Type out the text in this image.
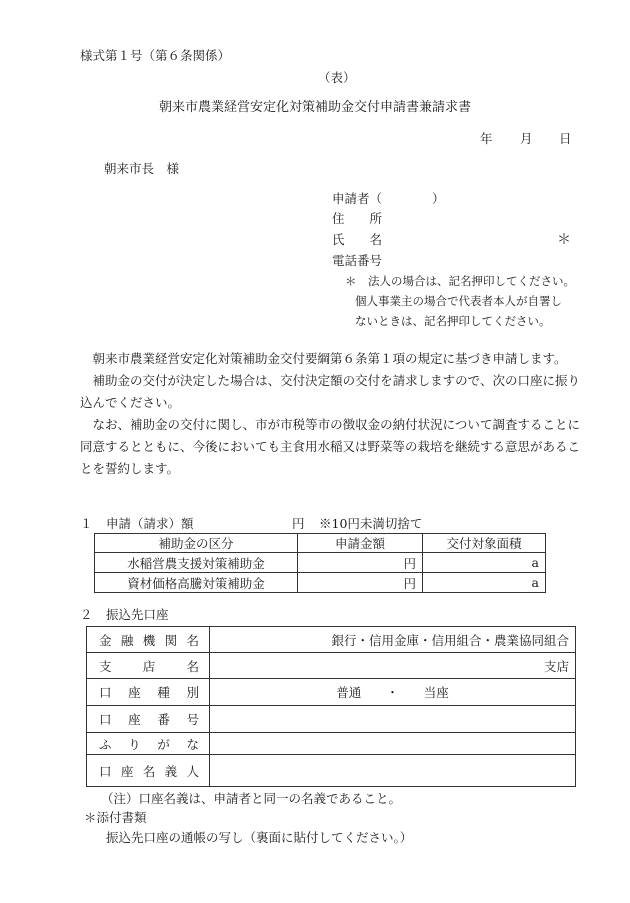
様式第１号（第６条関係）
（表）
朝来市農業経営安定化対策補助金交付申請書兼請求書
年 月 日
朝来市長　様
申請者（　　　　）
住　　所
氏　　名	＊
電話番号
＊ 法人の場合は、記名押印してください。
個人事業主の場合で代表者本人が自署し
ないときは、記名押印してください。

朝来市農業経営安定化対策補助金交付要綱第６条第１項の規定に基づき申請します。

補助金の交付が決定した場合は、交付決定額の交付を請求しますので、次の口座に振り込んでください。

なお、補助金の交付に関し、市が市税等市の徴収金の納付状況について調査することに同意するとともに、今後においても主食用水稲又は野菜等の栽培を継続する意思があることを誓約します。

１ 申請（請求）額	円 ※10円未満切捨て
補助金の区分	申請金額	交付対象面積
水稲営農支援対策補助金	円	a
資材価格高騰対策補助金	円	a
２ 振込先口座
金融機関名	銀行・信用金庫・信用組合・農業協同組合

支店名	支店

口座種別	普通　　・　　当座

口座番号	

ふりがな	

口座名義人	

（注）口座名義は、申請者と同一の名義であること。
＊添付書類
振込先口座の通帳の写し（裏面に貼付してください。）
